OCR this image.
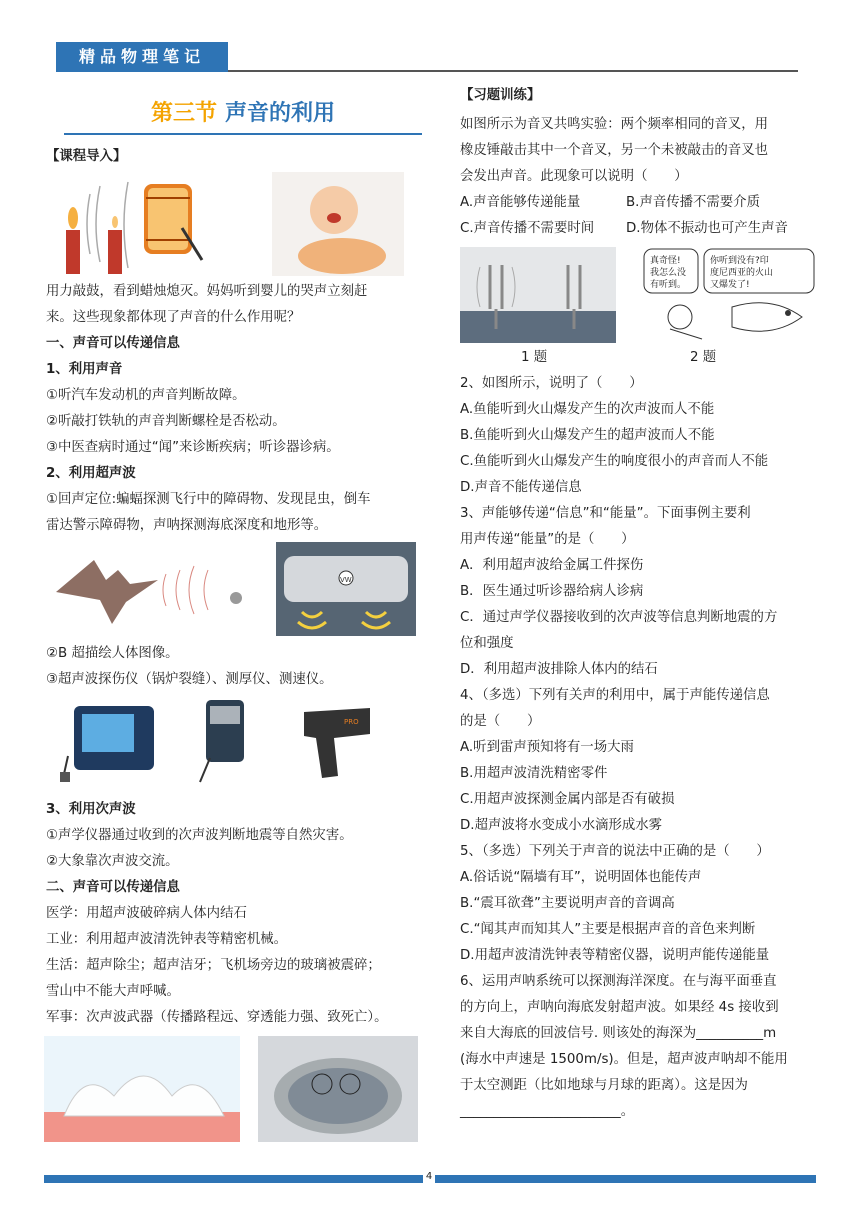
精品物理笔记
第三节 声音的利用
【课程导入】
用力敲鼓，看到蜡烛熄灭。妈妈听到婴儿的哭声立刻赶
来。这些现象都体现了声音的什么作用呢？
一、声音可以传递信息
1、利用声音
①听汽车发动机的声音判断故障。
②听敲打铁轨的声音判断螺栓是否松动。
③中医查病时通过“闻”来诊断疾病；听诊器诊病。
2、利用超声波
①回声定位:蝙蝠探测飞行中的障碍物、发现昆虫，倒车
雷达警示障碍物，声呐探测海底深度和地形等。
VW
②B 超描绘人体图像。
③超声波探伤仪（锅炉裂缝）、测厚仪、测速仪。
PRO
3、利用次声波
①声学仪器通过收到的次声波判断地震等自然灾害。
②大象靠次声波交流。
二、声音可以传递信息
医学：用超声波破碎病人体内结石
工业：利用超声波清洗钟表等精密机械。
生活：超声除尘；超声洁牙；飞机场旁边的玻璃被震碎；
雪山中不能大声呼喊。
军事：次声波武器（传播路程远、穿透能力强、致死亡）。
【习题训练】
如图所示为音叉共鸣实验：两个频率相同的音叉，用
橡皮锤敲击其中一个音叉，另一个未被敲击的音叉也
会发出声音。此现象可以说明（　　）
A.声音能够传递能量	B.声音传播不需要介质
C.声音传播不需要时间 D.物体不振动也可产生声音
真奇怪!
我怎么没
有听到。
你听到没有?印
度尼西亚的火山
又爆发了!
1 题	2 题
2、如图所示，说明了（　　）
A.鱼能听到火山爆发产生的次声波而人不能
B.鱼能听到火山爆发产生的超声波而人不能
C.鱼能听到火山爆发产生的响度很小的声音而人不能
D.声音不能传递信息
3、声能够传递“信息”和“能量”。下面事例主要利
用声传递“能量”的是（　　）
A．利用超声波给金属工件探伤
B．医生通过听诊器给病人诊病
C．通过声学仪器接收到的次声波等信息判断地震的方
位和强度
D．利用超声波排除人体内的结石
4、（多选）下列有关声的利用中，属于声能传递信息
的是（　　）
A.听到雷声预知将有一场大雨
B.用超声波清洗精密零件
C.用超声波探测金属内部是否有破损
D.超声波将水变成小水滴形成水雾
5、（多选）下列关于声音的说法中正确的是（　　）
A.俗话说“隔墙有耳”，说明固体也能传声
B.“震耳欲聋”主要说明声音的音调高
C.“闻其声而知其人”主要是根据声音的音色来判断
D.用超声波清洗钟表等精密仪器，说明声能传递能量
6、运用声呐系统可以探测海洋深度。在与海平面垂直
的方向上，声呐向海底发射超声波。如果经 4s 接收到
来自大海底的回波信号. 则该处的海深为__________m
(海水中声速是 1500m/s)。但是，超声波声呐却不能用
于太空测距（比如地球与月球的距离）。这是因为
________________________。
4
